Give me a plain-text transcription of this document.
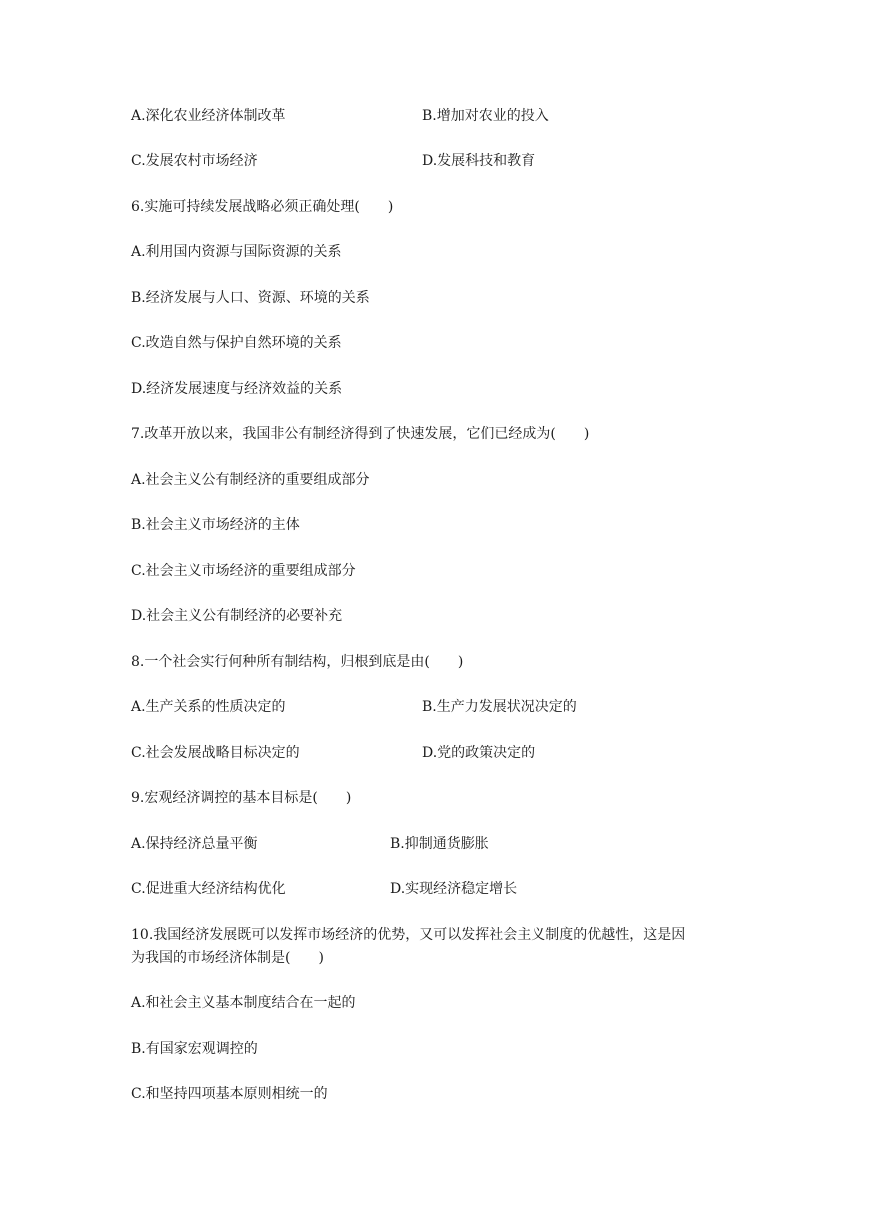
A.深化农业经济体制改革	B.增加对农业的投入
C.发展农村市场经济	D.发展科技和教育
6.实施可持续发展战略必须正确处理(　　)
A.利用国内资源与国际资源的关系
B.经济发展与人口、资源、环境的关系
C.改造自然与保护自然环境的关系
D.经济发展速度与经济效益的关系
7.改革开放以来，我国非公有制经济得到了快速发展，它们已经成为(　　)
A.社会主义公有制经济的重要组成部分
B.社会主义市场经济的主体
C.社会主义市场经济的重要组成部分
D.社会主义公有制经济的必要补充
8.一个社会实行何种所有制结构，归根到底是由(　　)
A.生产关系的性质决定的	B.生产力发展状况决定的
C.社会发展战略目标决定的	D.党的政策决定的
9.宏观经济调控的基本目标是(　　)
A.保持经济总量平衡	B.抑制通货膨胀
C.促进重大经济结构优化	D.实现经济稳定增长
10.我国经济发展既可以发挥市场经济的优势，又可以发挥社会主义制度的优越性，这是因
为我国的市场经济体制是(　　)
A.和社会主义基本制度结合在一起的
B.有国家宏观调控的
C.和坚持四项基本原则相统一的
